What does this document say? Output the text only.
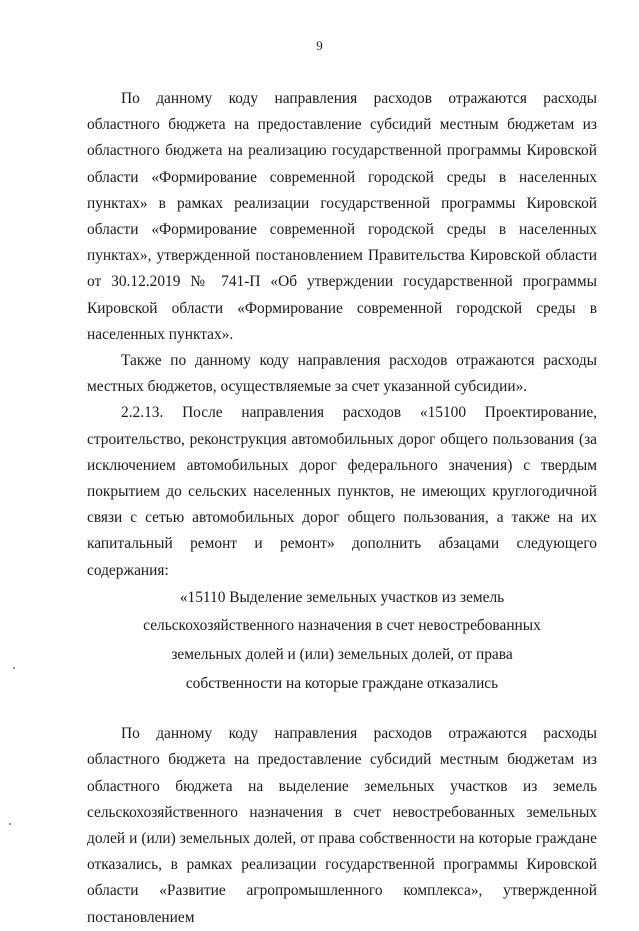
9

По данному коду направления расходов отражаются расходы областного бюджета на предоставление субсидий местным бюджетам из областного бюджета на реализацию государственной программы Кировской области «Формирование современной городской среды в населенных пунктах» в рамках реализации государственной программы Кировской области «Формирование современной городской среды в населенных пунктах», утвержденной постановлением Правительства Кировской области от 30.12.2019 № 741-П «Об утверждении государственной программы Кировской области «Формирование современной городской среды в населенных пунктах».

Также по данному коду направления расходов отражаются расходы местных бюджетов, осуществляемые за счет указанной субсидии».

2.2.13. После направления расходов «15100 Проектирование, строительство, реконструкция автомобильных дорог общего пользования (за исключением автомобильных дорог федерального значения) с твердым покрытием до сельских населенных пунктов, не имеющих круглогодичной связи с сетью автомобильных дорог общего пользования, а также на их капитальный ремонт и ремонт» дополнить абзацами следующего содержания:

«15110 Выделение земельных участков из земель
сельскохозяйственного назначения в счет невостребованных
земельных долей и (или) земельных долей, от права
собственности на которые граждане отказались

По данному коду направления расходов отражаются расходы областного бюджета на предоставление субсидий местным бюджетам из областного бюджета на выделение земельных участков из земель сельскохозяйственного назначения в счет невостребованных земельных долей и (или) земельных долей, от права собственности на которые граждане отказались, в рамках реализации государственной программы Кировской области «Развитие агропромышленного комплекса», утвержденной постановлением
